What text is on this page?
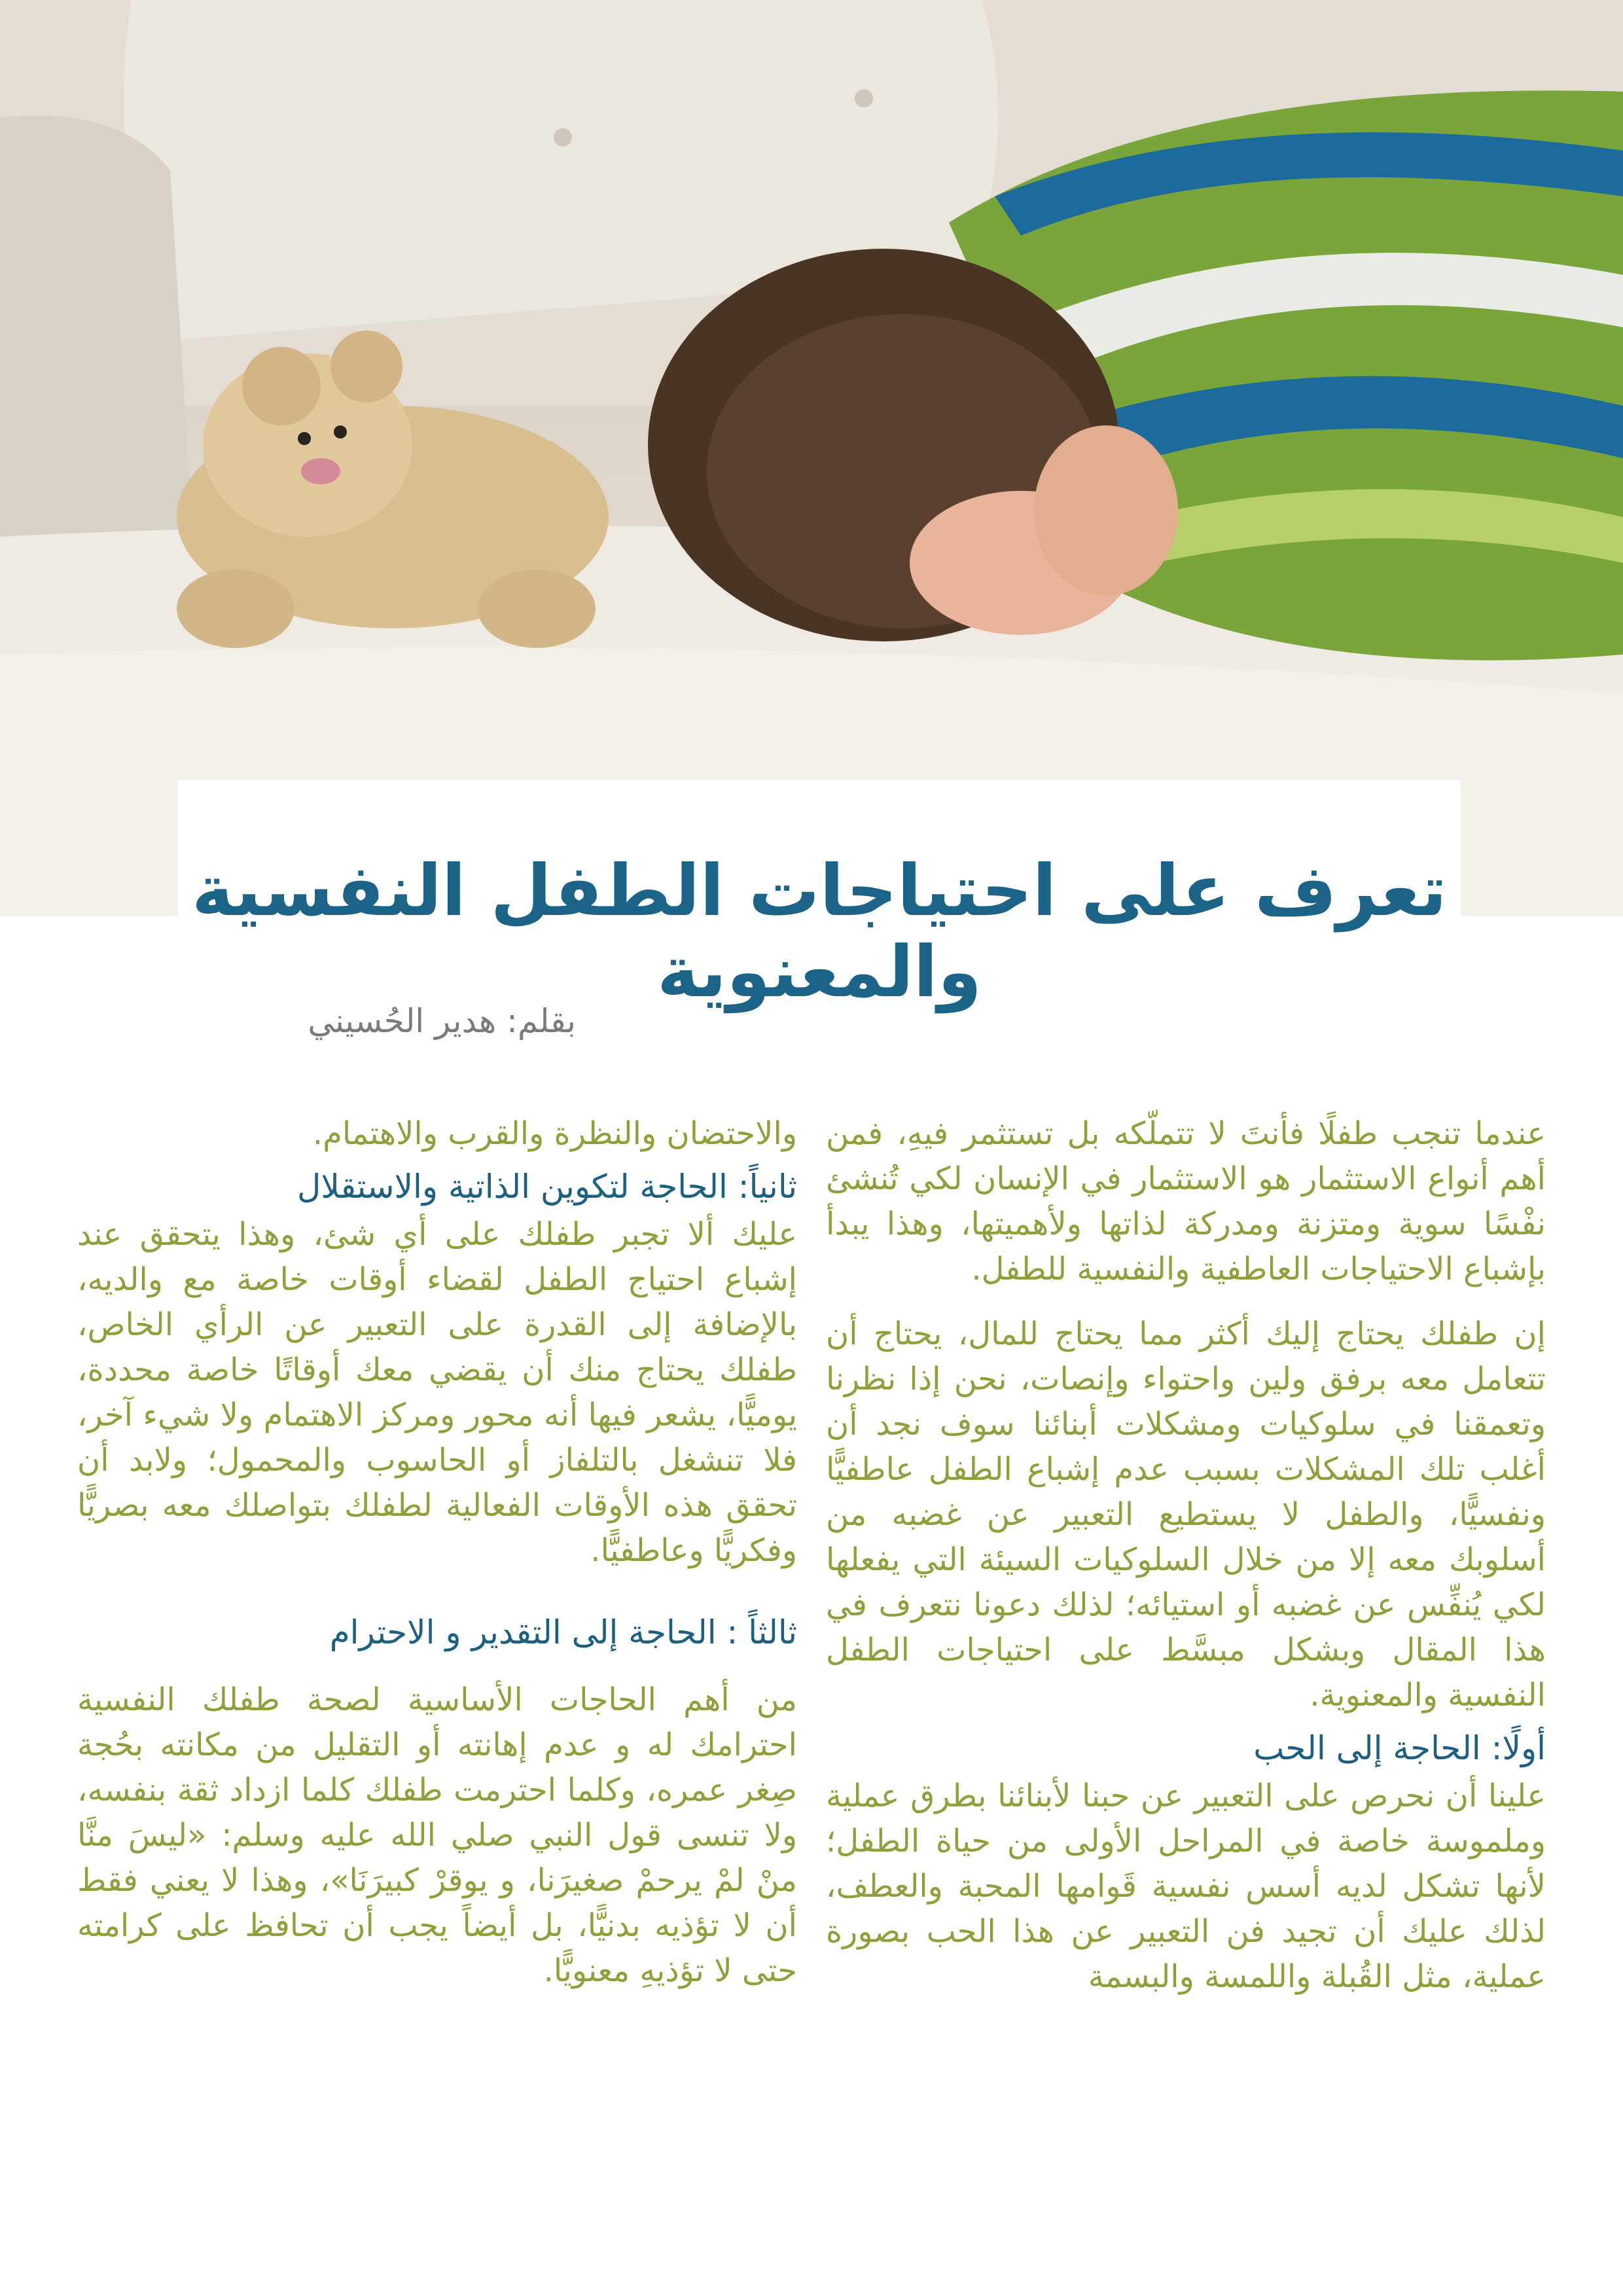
تعرف على احتياجات الطفل النفسية والمعنوية
بقلم: هدير الحُسيني

عندما تنجب طفلًا فأنتَ لا تتملّكه بل تستثمر فيهِ، فمن أهم أنواع الاستثمار هو الاستثمار في الإنسان لكي تُنشئ نفْسًا سوية ومتزنة ومدركة لذاتها ولأهميتها، وهذا يبدأ بإشباع الاحتياجات العاطفية والنفسية للطفل.

إن طفلك يحتاج إليك أكثر مما يحتاج للمال، يحتاج أن تتعامل معه برفق ولين واحتواء وإنصات، نحن إذا نظرنا وتعمقنا في سلوكيات ومشكلات أبنائنا سوف نجد أن أغلب تلك المشكلات بسبب عدم إشباع الطفل عاطفيًّا ونفسيًّا، والطفل لا يستطيع التعبير عن غضبه من أسلوبك معه إلا من خلال السلوكيات السيئة التي يفعلها لكي يُنفِّس عن غضبه أو استيائه؛ لذلك دعونا نتعرف في هذا المقال وبشكل مبسَّط على احتياجات الطفل النفسية والمعنوية.

أولًا: الحاجة إلى الحب

علينا أن نحرص على التعبير عن حبنا لأبنائنا بطرق عملية وملموسة خاصة في المراحل الأولى من حياة الطفل؛ لأنها تشكل لديه أسس نفسية قَوامها المحبة والعطف، لذلك عليك أن تجيد فن التعبير عن هذا الحب بصورة عملية، مثل القُبلة واللمسة والبسمة

والاحتضان والنظرة والقرب والاهتمام.

ثانياً: الحاجة لتكوين الذاتية والاستقلال

عليك ألا تجبر طفلك على أي شئ، وهذا يتحقق عند إشباع احتياج الطفل لقضاء أوقات خاصة مع والديه، بالإضافة إلى القدرة على التعبير عن الرأي الخاص، طفلك يحتاج منك أن يقضي معك أوقاتًا خاصة محددة، يوميًّا، يشعر فيها أنه محور ومركز الاهتمام ولا شيء آخر، فلا تنشغل بالتلفاز أو الحاسوب والمحمول؛ ولابد أن تحقق هذه الأوقات الفعالية لطفلك بتواصلك معه بصريًّا وفكريًّا وعاطفيًّا.

ثالثاً : الحاجة إلى التقدير و الاحترام

من أهم الحاجات الأساسية لصحة طفلك النفسية احترامك له و عدم إهانته أو التقليل من مكانته بحُجة صِغر عمره، وكلما احترمت طفلك كلما ازداد ثقة بنفسه، ولا تنسى قول النبي صلي الله عليه وسلم: «ليسَ منَّا منْ لمْ يرحمْ صغيرَنا، و يوقرْ كبيرَنَا»، وهذا لا يعني فقط أن لا تؤذيه بدنيًّا، بل أيضاً يجب أن تحافظ على كرامته حتى لا تؤذيهِ معنويًّا.
